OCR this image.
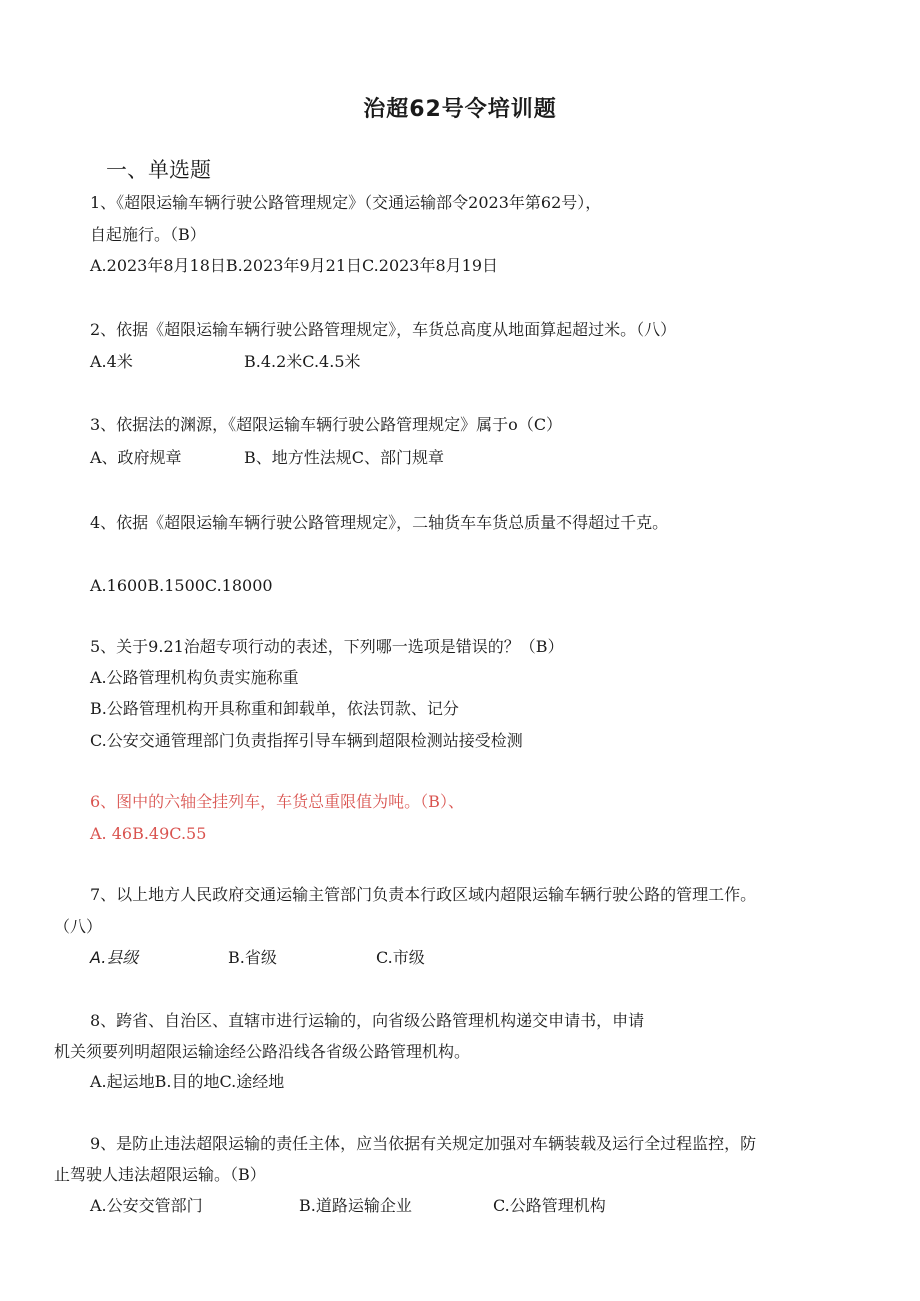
治超62号令培训题
一、单选题
1、《超限运输车辆行驶公路管理规定》（交通运输部令2023年第62号），
自起施行。（B）
A.2023年8月18日B.2023年9月21日C.2023年8月19日
2、依据《超限运输车辆行驶公路管理规定》，车货总高度从地面算起超过米。（八）
A.4米	B.4.2米C.4.5米
3、依据法的渊源，《超限运输车辆行驶公路管理规定》属于o（C）
A、政府规章	B、地方性法规C、部门规章
4、依据《超限运输车辆行驶公路管理规定》，二轴货车车货总质量不得超过千克。
A.1600B.1500C.18000
5、关于9.21治超专项行动的表述，下列哪一选项是错误的？（B）
A.公路管理机构负责实施称重
B.公路管理机构开具称重和卸载单，依法罚款、记分
C.公安交通管理部门负责指挥引导车辆到超限检测站接受检测
6、图中的六轴全挂列车，车货总重限值为吨。（B）、
A. 46B.49C.55
7、以上地方人民政府交通运输主管部门负责本行政区域内超限运输车辆行驶公路的管理工作。
（八）
A.县级	B.省级	C.市级
8、跨省、自治区、直辖市进行运输的，向省级公路管理机构递交申请书，申请
机关须要列明超限运输途经公路沿线各省级公路管理机构。
A.起运地B.目的地C.途经地
9、是防止违法超限运输的责任主体，应当依据有关规定加强对车辆装载及运行全过程监控，防
止驾驶人违法超限运输。（B）
A.公安交管部门	B.道路运输企业	C.公路管理机构
